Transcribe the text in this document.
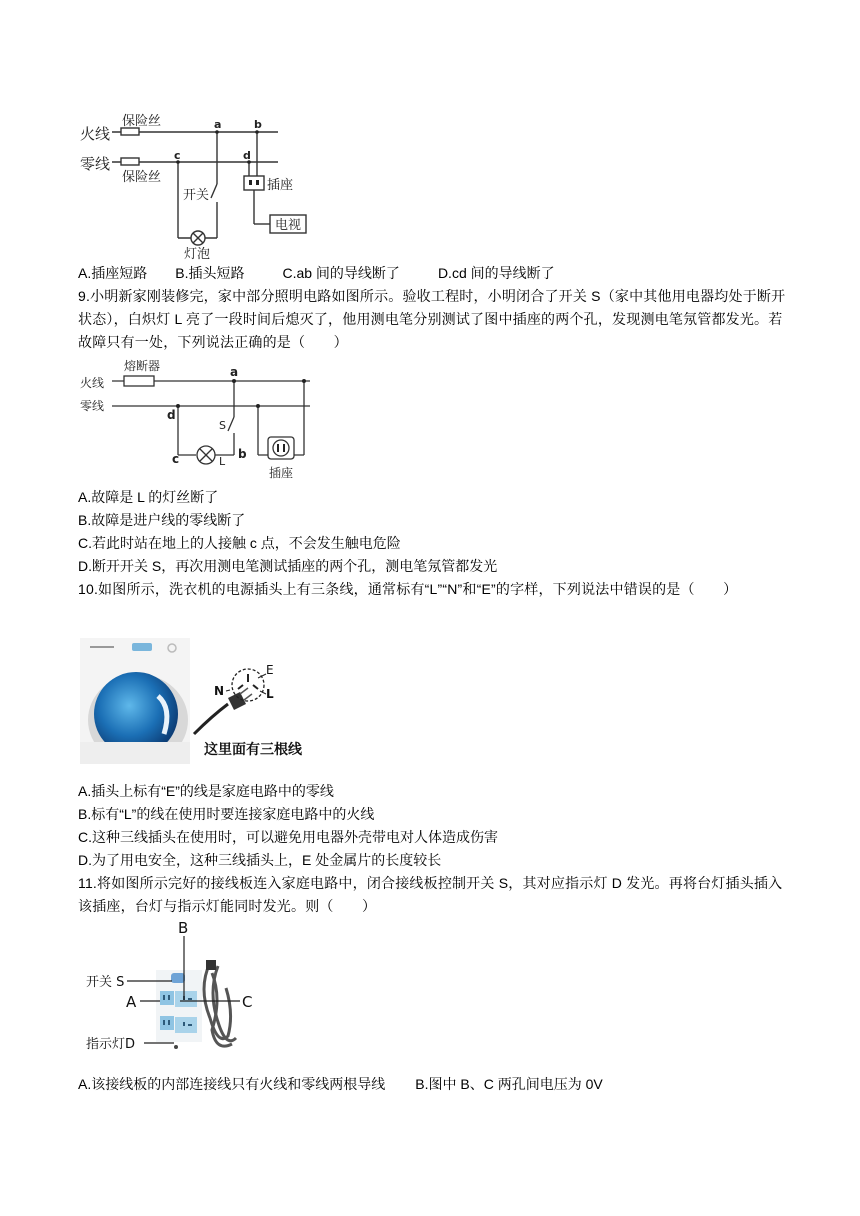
火线
零线
保险丝
保险丝
a	b
c	d
开关
灯泡
插座
电视
A.插座短路 B.插头短路	C.ab 间的导线断了	D.cd 间的导线断了
9.小明新家刚装修完，家中部分照明电路如图所示。验收工程时，小明闭合了开关 S（家中其他用电器均处于断开状态），白炽灯 L 亮了一段时间后熄灭了，他用测电笔分别测试了图中插座的两个孔，发现测电笔氖管都发光。若故障只有一处，下列说法正确的是（　　）
熔断器
火线
零线
a
d
c	b
S
L
插座
A.故障是 L 的灯丝断了
B.故障是进户线的零线断了
C.若此时站在地上的人接触 c 点，不会发生触电危险
D.断开开关 S，再次用测电笔测试插座的两个孔，测电笔氖管都发光
10.如图所示，洗衣机的电源插头上有三条线，通常标有“L”“N”和“E”的字样，下列说法中错误的是（　　）
E
N	L
这里面有三根线
A.插头上标有“E”的线是家庭电路中的零线
B.标有“L”的线在使用时要连接家庭电路中的火线
C.这种三线插头在使用时，可以避免用电器外壳带电对人体造成伤害
D.为了用电安全，这种三线插头上，E 处金属片的长度较长
11.将如图所示完好的接线板连入家庭电路中，闭合接线板控制开关 S，其对应指示灯 D 发光。再将台灯插头插入该插座，台灯与指示灯能同时发光。则（　　）
B
开关 S
A	C
指示灯D
A.该接线板的内部连接线只有火线和零线两根导线 B.图中 B、C 两孔间电压为 0V
